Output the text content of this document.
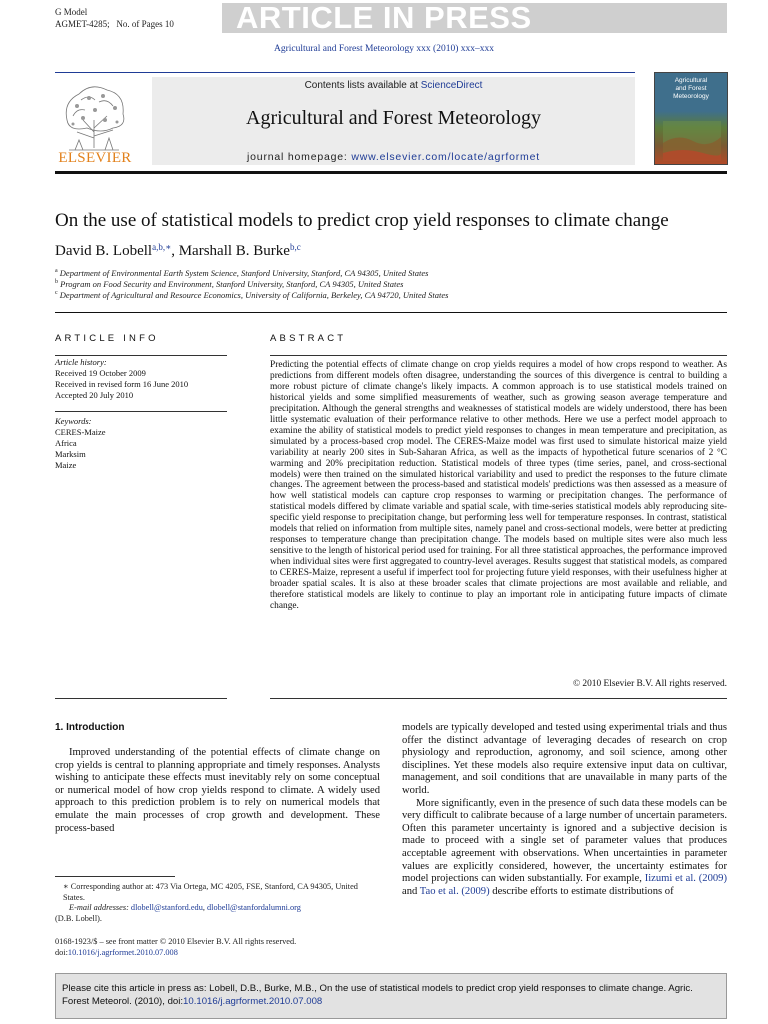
G Model
AGMET-4285; No. of Pages 10 ARTICLE IN PRESS
Agricultural and Forest Meteorology xxx (2010) xxx–xxx
ELSEVIER
Contents lists available at ScienceDirect
Agricultural and Forest Meteorology
journal homepage: www.elsevier.com/locate/agrformet
Agricultural and Forest Meteorology
On the use of statistical models to predict crop yield responses to climate change
David B. Lobell$^{a,b,∗}$, Marshall B. Burke$^{b,c}$
$^a$ Department of Environmental Earth System Science, Stanford University, Stanford, CA 94305, United States
$^b$ Program on Food Security and Environment, Stanford University, Stanford, CA 94305, United States
$^c$ Department of Agricultural and Resource Economics, University of California, Berkeley, CA 94720, United States
ARTICLE INFO
Article history:
Received 19 October 2009
Received in revised form 16 June 2010
Accepted 20 July 2010
Keywords:
CERES-Maize
Africa
Marksim
Maize
ABSTRACT
Predicting the potential effects of climate change on crop yields requires a model of how crops respond to weather. As predictions from different models often disagree, understanding the sources of this divergence is central to building a more robust picture of climate change's likely impacts. A common approach is to use statistical models trained on historical yields and some simplified measurements of weather, such as growing season average temperature and precipitation. Although the general strengths and weaknesses of statistical models are widely understood, there has been little systematic evaluation of their performance relative to other methods. Here we use a perfect model approach to examine the ability of statistical models to predict yield responses to changes in mean temperature and precipitation, as simulated by a process-based crop model. The CERES-Maize model was first used to simulate historical maize yield variability at nearly 200 sites in Sub-Saharan Africa, as well as the impacts of hypothetical future scenarios of 2 °C warming and 20% precipitation reduction. Statistical models of three types (time series, panel, and cross-sectional models) were then trained on the simulated historical variability and used to predict the responses to the future climate changes. The agreement between the process-based and statistical models' predictions was then assessed as a measure of how well statistical models can capture crop responses to warming or precipitation changes. The performance of statistical models differed by climate variable and spatial scale, with time-series statistical models ably reproducing site-specific yield response to precipitation change, but performing less well for temperature responses. In contrast, statistical models that relied on information from multiple sites, namely panel and cross-sectional models, were better at predicting responses to temperature change than precipitation change. The models based on multiple sites were also much less sensitive to the length of historical period used for training. For all three statistical approaches, the performance improved when individual sites were first aggregated to country-level averages. Results suggest that statistical models, as compared to CERES-Maize, represent a useful if imperfect tool for projecting future yield responses, with their usefulness higher at broader spatial scales. It is also at these broader scales that climate projections are most available and reliable, and therefore statistical models are likely to continue to play an important role in anticipating future impacts of climate change.
© 2010 Elsevier B.V. All rights reserved.
1. Introduction

Improved understanding of the potential effects of climate change on crop yields is central to planning appropriate and timely responses. Analysts wishing to anticipate these effects must inevitably rely on some conceptual or numerical model of how crop yields respond to climate. A widely used approach to this prediction problem is to rely on numerical models that emulate the main processes of crop growth and development. These process-based

models are typically developed and tested using experimental trials and thus offer the distinct advantage of leveraging decades of research on crop physiology and reproduction, agronomy, and soil science, among other disciplines. Yet these models also require extensive input data on cultivar, management, and soil conditions that are unavailable in many parts of the world.

More significantly, even in the presence of such data these models can be very difficult to calibrate because of a large number of uncertain parameters. Often this parameter uncertainty is ignored and a subjective decision is made to proceed with a single set of parameter values that produces acceptable agreement with observations. When uncertainties in parameter values are explicitly considered, however, the uncertainty estimates for model projections can widen substantially. For example, Iizumi et al. (2009) and Tao et al. (2009) describe efforts to estimate distributions of

∗ Corresponding author at: 473 Via Ortega, MC 4205, FSE, Stanford, CA 94305, United States.
E-mail addresses: dlobell@stanford.edu, dlobell@stanfordalumni.org
(D.B. Lobell).
0168-1923/$ – see front matter © 2010 Elsevier B.V. All rights reserved.
doi:10.1016/j.agrformet.2010.07.008
Please cite this article in press as: Lobell, D.B., Burke, M.B., On the use of statistical models to predict crop yield responses to climate change. Agric. Forest Meteorol. (2010), doi:10.1016/j.agrformet.2010.07.008
